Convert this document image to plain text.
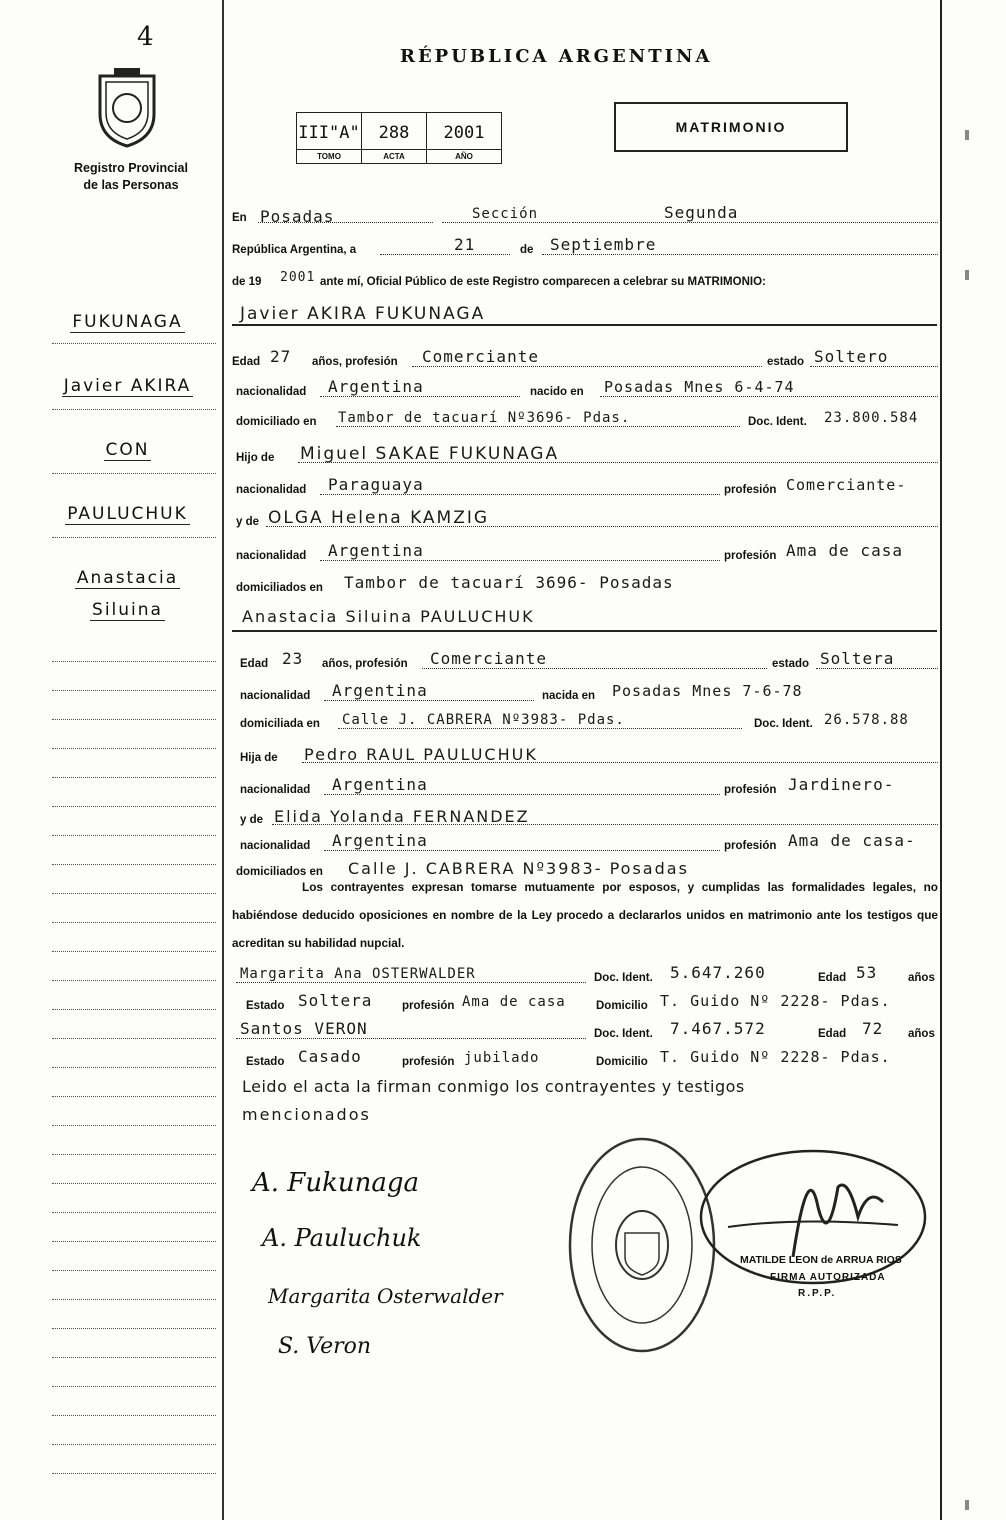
4
Registro Provincial
de las Personas
RÉPUBLICA ARGENTINA
III"A"
TOMO
288
ACTA
2001
AÑO
MATRIMONIO
FUKUNAGA
Javier AKIRA
CON
PAULUCHUK
Anastacia
Siluina
En Posadas	Sección	Segunda
República Argentina, a	21	de Septiembre
de 19 2001 ante mí, Oficial Público de este Registro comparecen a celebrar su MATRIMONIO:
Javier AKIRA FUKUNAGA
Edad 27 años, profesión Comerciante	estado Soltero
nacionalidad Argentina	nacido en Posadas Mnes 6-4-74
domiciliado en Tambor de tacuarí Nº3696- Pdas.	Doc. Ident. 23.800.584
Hijo de Miguel SAKAE FUKUNAGA
nacionalidad Paraguaya	profesión Comerciante-
y de OLGA Helena KAMZIG
nacionalidad Argentina	profesión Ama de casa
domiciliados en Tambor de tacuarí 3696- Posadas
Anastacia Siluina PAULUCHUK
Edad 23 años, profesión Comerciante	estado Soltera
nacionalidad Argentina	nacida en Posadas Mnes 7-6-78
domiciliada en Calle J. CABRERA Nº3983- Pdas.	Doc. Ident. 26.578.88
Hija de Pedro RAUL PAULUCHUK
nacionalidad Argentina	profesión Jardinero-
y de Elida Yolanda FERNANDEZ
nacionalidad Argentina	profesión Ama de casa-
domiciliados en Calle J. CABRERA Nº3983- Posadas
Los contrayentes expresan tomarse mutuamente por esposos, y cumplidas las formalidades legales, no habiéndose deducido oposiciones en nombre de la Ley procedo a declararlos unidos en matrimonio ante los testigos que acreditan su habilidad nupcial.
Margarita Ana OSTERWALDER	Doc. Ident. 5.647.260	Edad 53	años
Estado Soltera	profesión Ama de casa	Domicilio T. Guido Nº 2228- Pdas.
Santos VERON	Doc. Ident. 7.467.572	Edad 72 años
Estado Casado	profesión jubilado	Domicilio T. Guido Nº 2228- Pdas.
Leido el acta la firman conmigo los contrayentes y testigos
mencionados
A. Fukunaga
A. Pauluchuk
Margarita Osterwalder
S. Veron
MATILDE LEON de ARRUA RIOS
FIRMA AUTORIZADA
R.P.P.
